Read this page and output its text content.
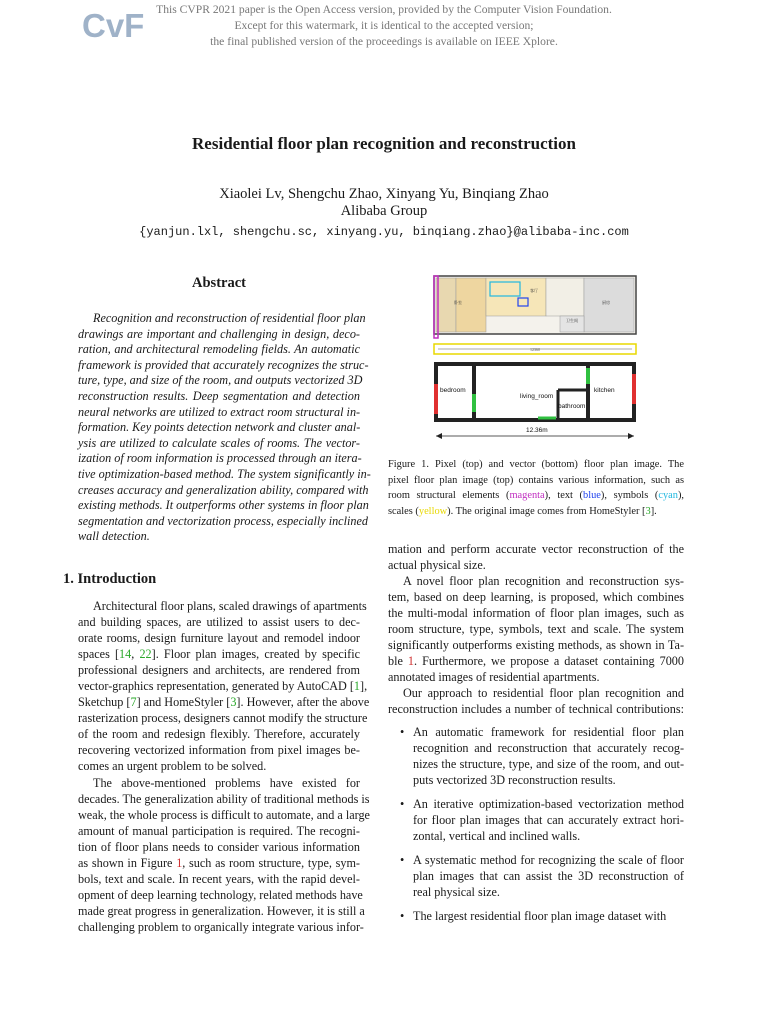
CvF	This CVPR 2021 paper is the Open Access version, provided by the Computer Vision Foundation.
Except for this watermark, it is identical to the accepted version;
the final published version of the proceedings is available on IEEE Xplore.
Residential floor plan recognition and reconstruction
Xiaolei Lv, Shengchu Zhao, Xinyang Yu, Binqiang Zhao
Alibaba Group
{yanjun.lxl, shengchu.sc, xinyang.yu, binqiang.zhao}@alibaba-inc.com
Abstract
Recognition and reconstruction of residential floor plan
drawings are important and challenging in design, deco-
ration, and architectural remodeling fields. An automatic
framework is provided that accurately recognizes the struc-
ture, type, and size of the room, and outputs vectorized 3D
reconstruction results. Deep segmentation and detection
neural networks are utilized to extract room structural in-
formation. Key points detection network and cluster anal-
ysis are utilized to calculate scales of rooms. The vector-
ization of room information is processed through an itera-
tive optimization-based method. The system significantly in-
creases accuracy and generalization ability, compared with
existing methods. It outperforms other systems in floor plan
segmentation and vectorization process, especially inclined
wall detection.
1. Introduction
Architectural floor plans, scaled drawings of apartments
and building spaces, are utilized to assist users to dec-
orate rooms, design furniture layout and remodel indoor
spaces [14, 22]. Floor plan images, created by specific
professional designers and architects, are rendered from
vector-graphics representation, generated by AutoCAD [1],
Sketchup [7] and HomeStyler [3]. However, after the above
rasterization process, designers cannot modify the structure
of the room and redesign flexibly. Therefore, accurately
recovering vectorized information from pixel images be-
comes an urgent problem to be solved.
The above-mentioned problems have existed for
decades. The generalization ability of traditional methods is
weak, the whole process is difficult to automate, and a large
amount of manual participation is required. The recogni-
tion of floor plans needs to consider various information
as shown in Figure 1, such as room structure, type, sym-
bols, text and scale. In recent years, with the rapid devel-
opment of deep learning technology, related methods have
made great progress in generalization. However, it is still a
challenging problem to organically integrate various infor-
卧室
卫生间
厨房
客厅
12360
bedroom
living_room
kitchen
bathroom
12.36m
Figure 1. Pixel (top) and vector (bottom) floor plan image. The
pixel floor plan image (top) contains various information, such as
room structural elements (magenta), text (blue), symbols (cyan),
scales (yellow). The original image comes from HomeStyler [3].
mation and perform accurate vector reconstruction of the
actual physical size.
A novel floor plan recognition and reconstruction sys-
tem, based on deep learning, is proposed, which combines
the multi-modal information of floor plan images, such as
room structure, type, symbols, text and scale. The system
significantly outperforms existing methods, as shown in Ta-
ble 1. Furthermore, we propose a dataset containing 7000
annotated images of residential apartments.
Our approach to residential floor plan recognition and
reconstruction includes a number of technical contributions:
• An automatic framework for residential floor plan
recognition and reconstruction that accurately recog-
nizes the structure, type, and size of the room, and out-
puts vectorized 3D reconstruction results.
• An iterative optimization-based vectorization method
for floor plan images that can accurately extract hori-
zontal, vertical and inclined walls.
• A systematic method for recognizing the scale of floor
plan images that can assist the 3D reconstruction of
real physical size.
• The largest residential floor plan image dataset with
